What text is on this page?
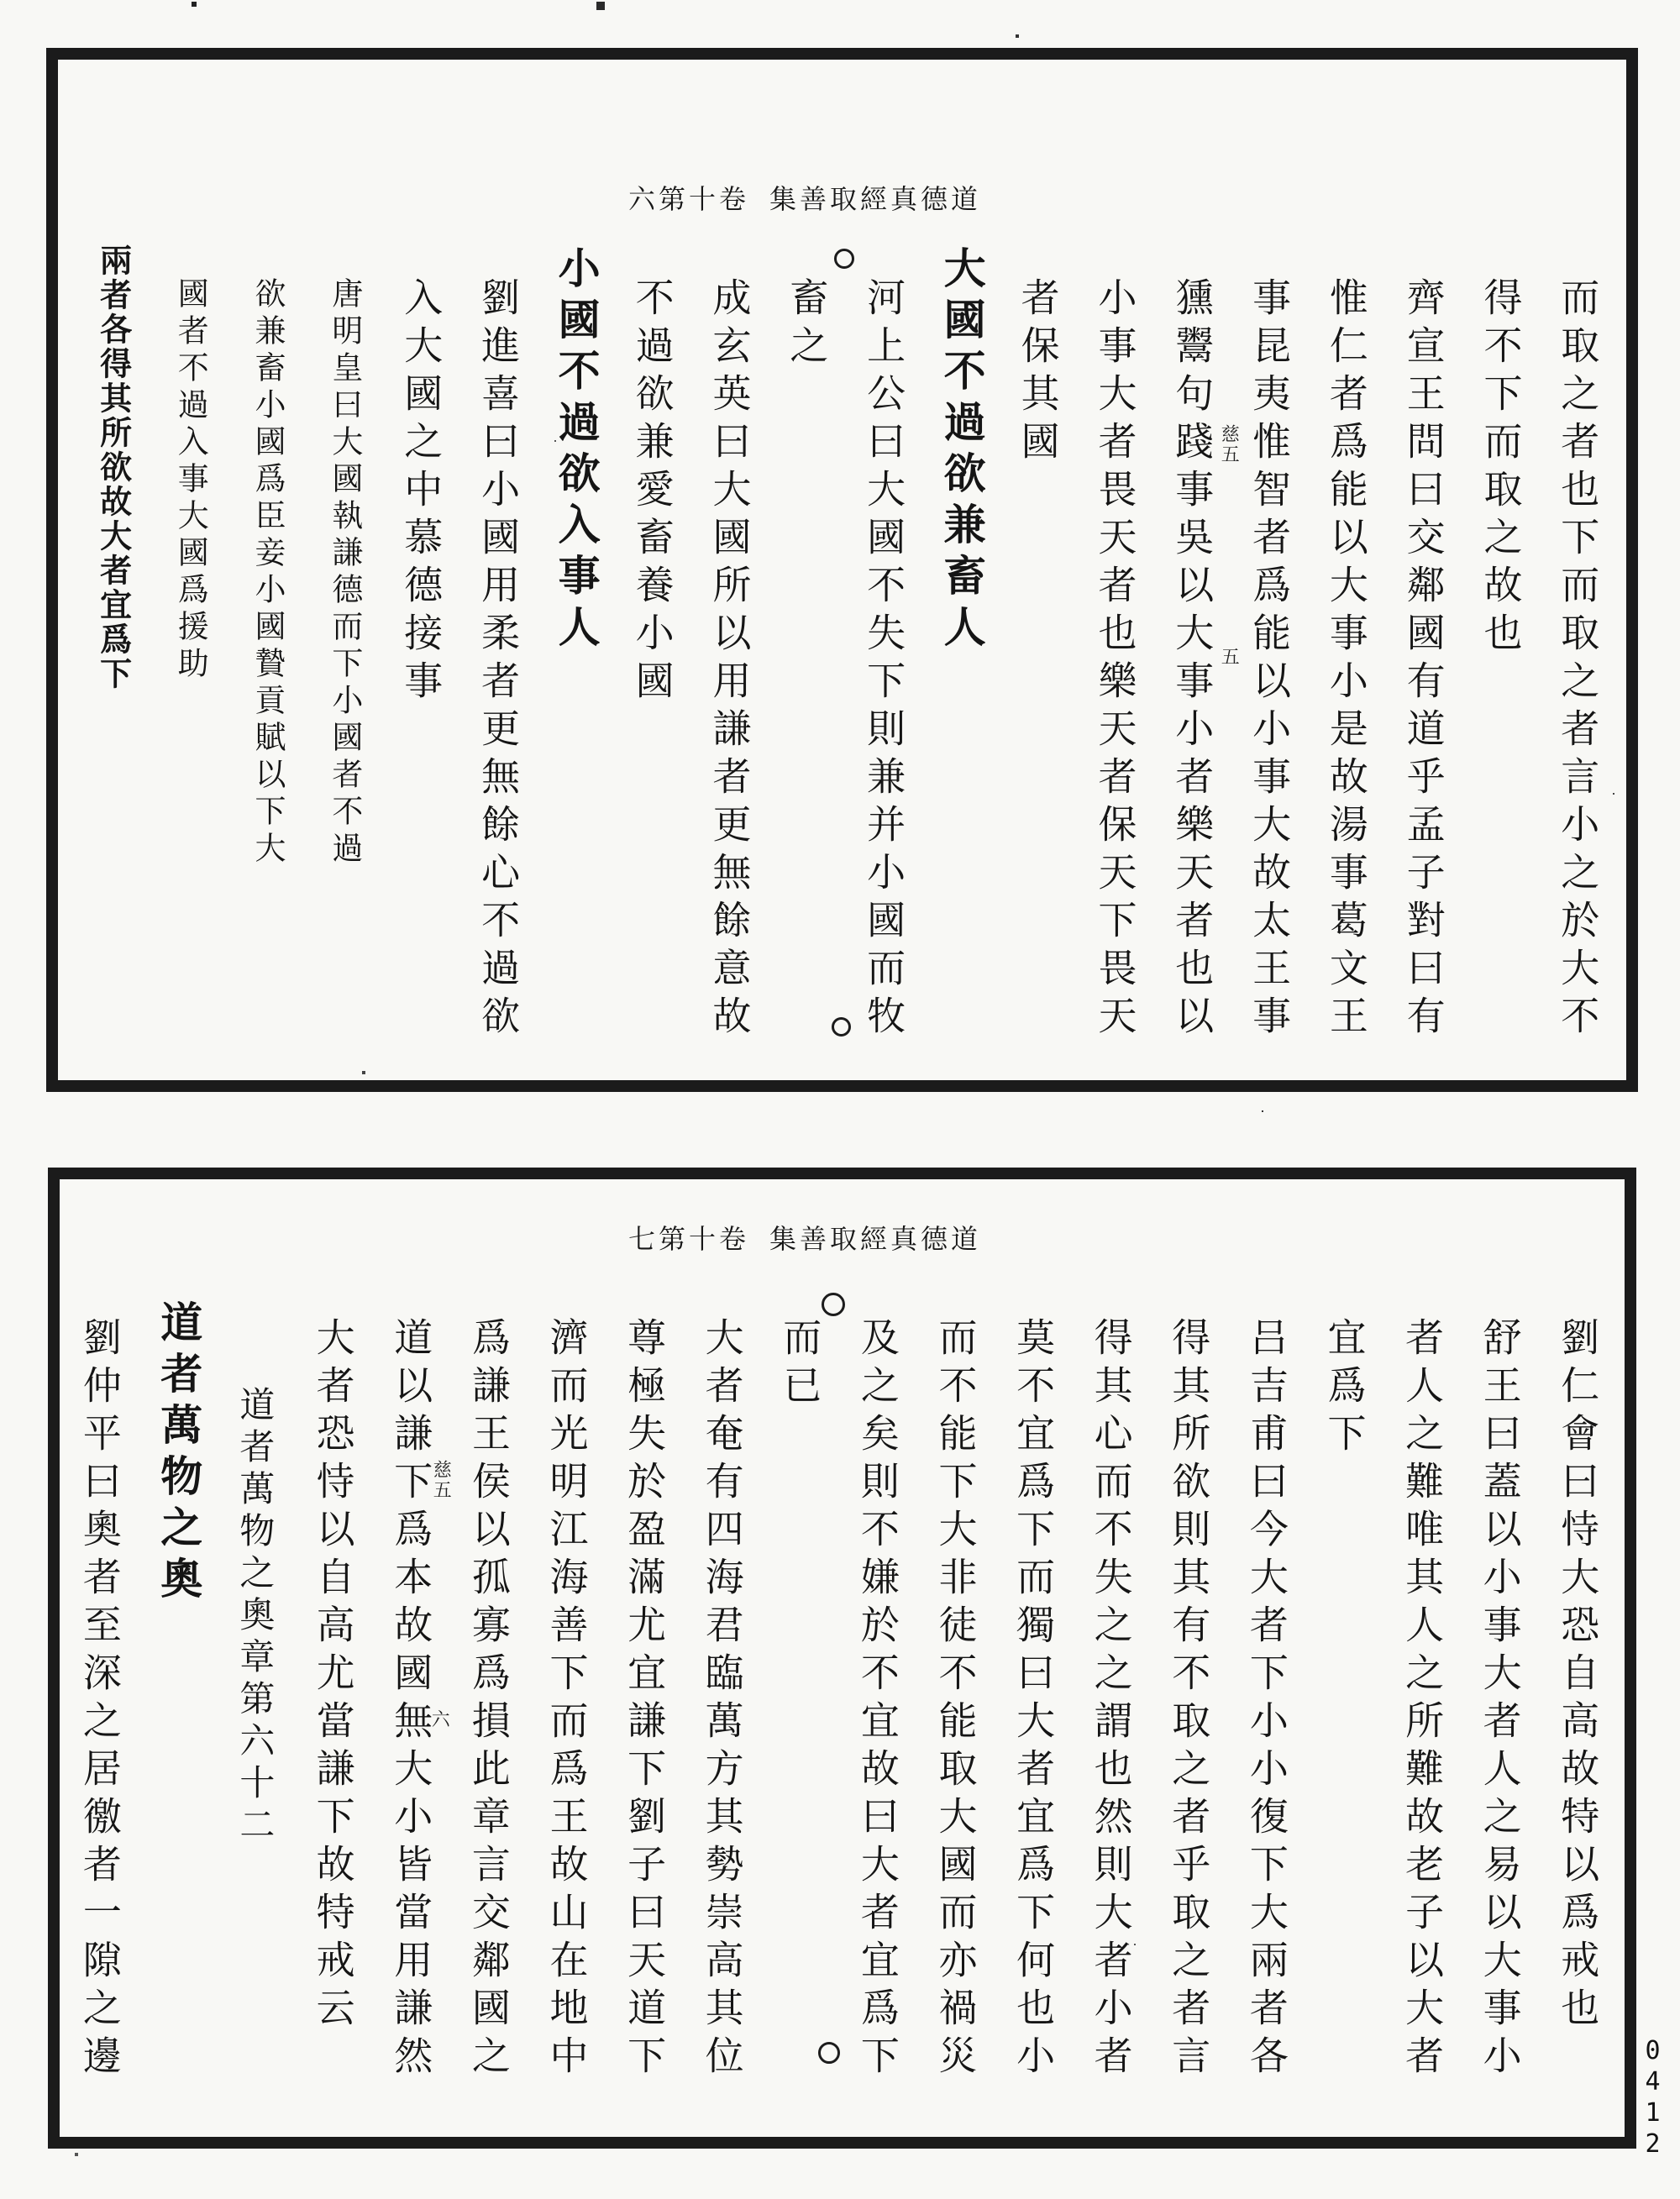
六第十卷 集善取經真德道
七第十卷 集善取經真德道
0412
而取之者也下而取之者言小之於大不
得不下而取之故也
齊宣王問曰交鄰國有道乎孟子對曰有
惟仁者爲能以大事小是故湯事葛文王
事昆夷惟智者爲能以小事大故太王事
獯鬻句踐事吳以大事小者樂天者也以
小事大者畏天者也樂天者保天下畏天
者保其國
大國不過欲兼畜人
河上公曰大國不失下則兼并小國而牧
畜之
成玄英曰大國所以用謙者更無餘意故
不過欲兼愛畜養小國
小國不過欲入事人
劉進喜曰小國用柔者更無餘心不過欲
入大國之中慕德接事
唐明皇曰大國執謙德而下小國者不過
欲兼畜小國爲臣妾小國贄貢賦以下大
國者不過入事大國爲援助
兩者各得其所欲故大者宜爲下	慈五
五
劉仁會曰恃大恐自高故特以爲戒也
舒王曰蓋以小事大者人之易以大事小
者人之難唯其人之所難故老子以大者
宜爲下
吕吉甫曰今大者下小小復下大兩者各
得其所欲則其有不取之者乎取之者言
得其心而不失之之謂也然則大者小者
莫不宜爲下而獨曰大者宜爲下何也小
而不能下大非徒不能取大國而亦禍災
及之矣則不嫌於不宜故曰大者宜爲下
而已
大者奄有四海君臨萬方其勢崇高其位
尊極失於盈滿尤宜謙下劉子曰天道下
濟而光明江海善下而爲王故山在地中
爲謙王侯以孤寡爲損此章言交鄰國之
道以謙下爲本故國無大小皆當用謙然
大者恐恃以自高尤當謙下故特戒云
道者萬物之奧章第六十二
道者萬物之奧
劉仲平曰奧者至深之居徼者一隙之邊	慈五
六
